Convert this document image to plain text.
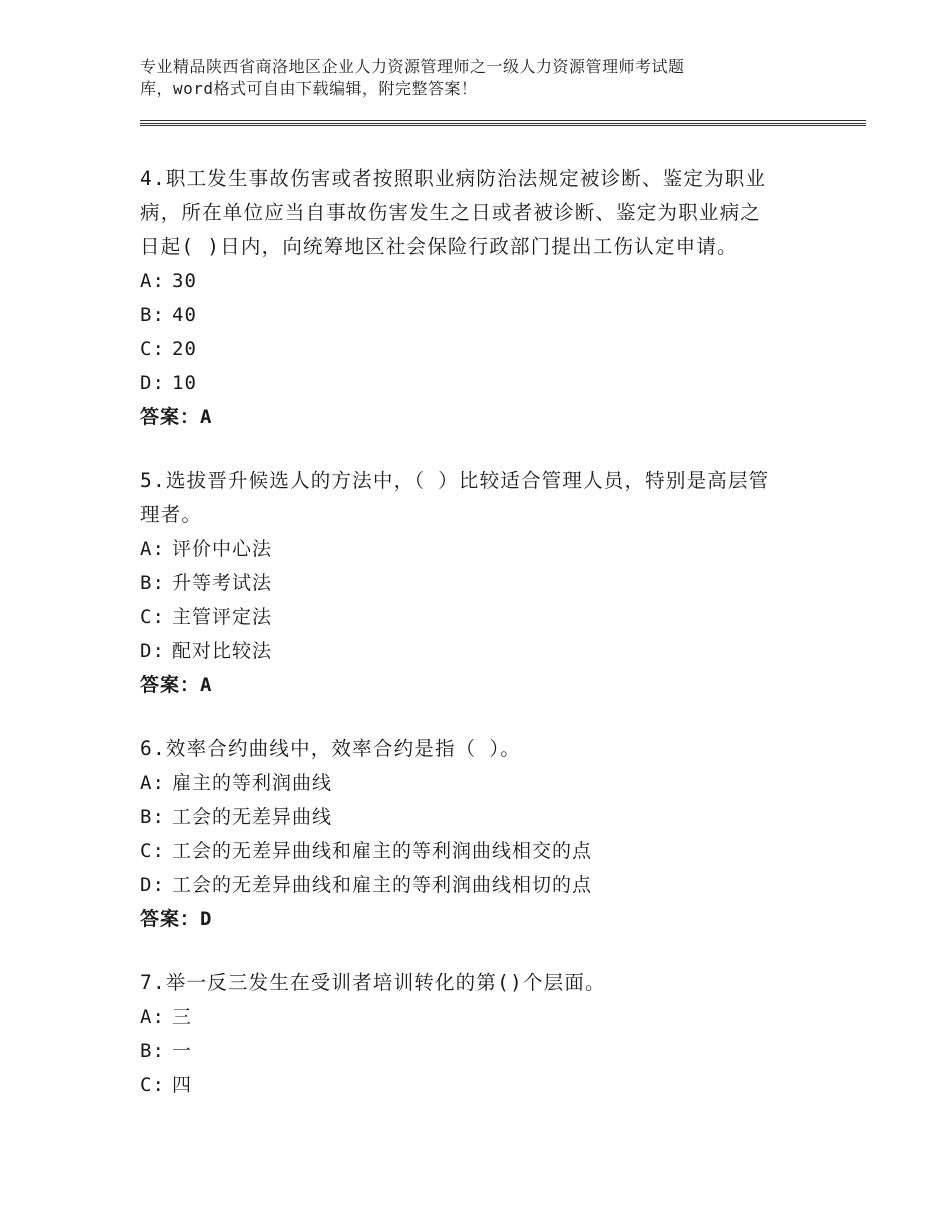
专业精品陕西省商洛地区企业人力资源管理师之一级人力资源管理师考试题
库，word格式可自由下载编辑，附完整答案！
4.职工发生事故伤害或者按照职业病防治法规定被诊断、鉴定为职业
病，所在单位应当自事故伤害发生之日或者被诊断、鉴定为职业病之
日起( )日内，向统筹地区社会保险行政部门提出工伤认定申请。
A: 30
B: 40
C: 20
D: 10
答案：A
5.选拔晋升候选人的方法中，（ ）比较适合管理人员，特别是高层管
理者。
A: 评价中心法
B: 升等考试法
C: 主管评定法
D: 配对比较法
答案：A
6.效率合约曲线中，效率合约是指（ ）。
A: 雇主的等利润曲线
B: 工会的无差异曲线
C: 工会的无差异曲线和雇主的等利润曲线相交的点
D: 工会的无差异曲线和雇主的等利润曲线相切的点
答案：D
7.举一反三发生在受训者培训转化的第()个层面。
A: 三
B: 一
C: 四
